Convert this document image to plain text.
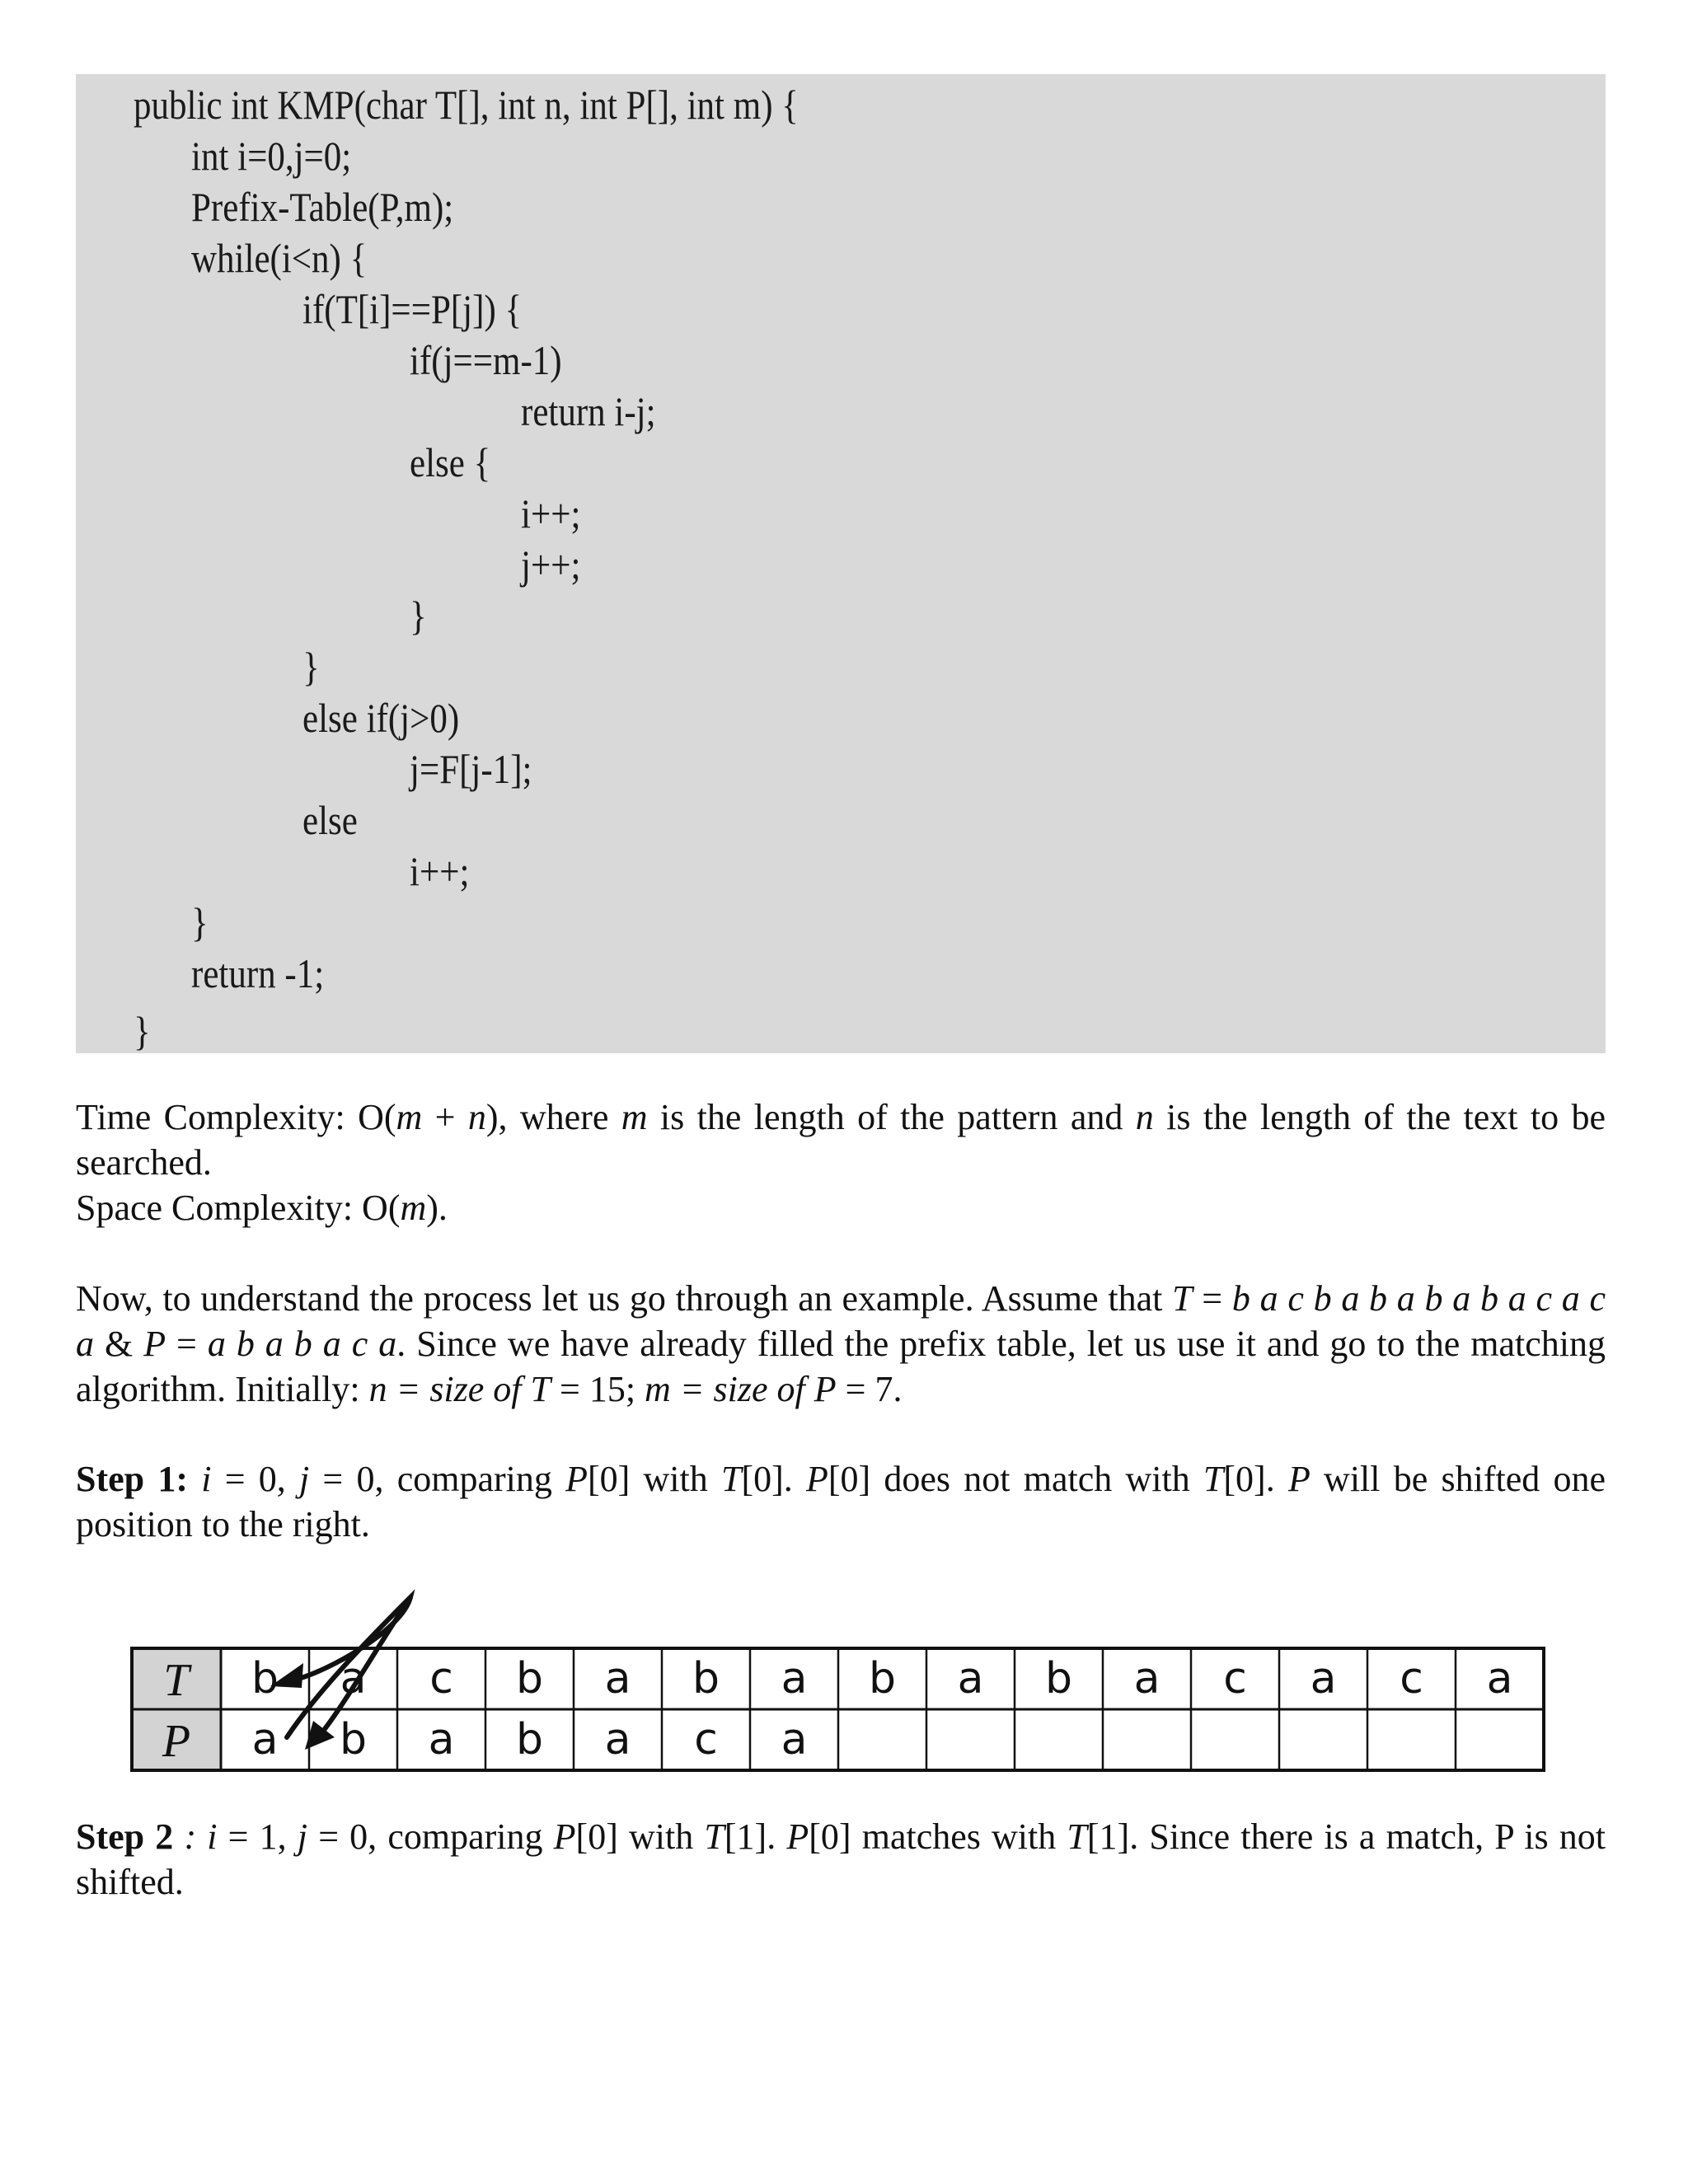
public int KMP(char T[], int n, int P[], int m) {
int i=0,j=0;
Prefix-Table(P,m);
while(i<n) {
if(T[i]==P[j]) {
if(j==m-1)
return i-j;
else {
i++;
j++;
}
}
else if(j>0)
j=F[j-1];
else
i++;
}
return -1;
}
Time Complexity: O(m + n), where m is the length of the pattern and n is the length of the text to be searched.
Space Complexity: O(m).
Now, to understand the process let us go through an example. Assume that T = b a c b a b a b a b a c a c a & P = a b a b a c a. Since we have already filled the prefix table, let us use it and go to the matching algorithm. Initially: n = size of T = 15; m = size of P = 7.
Step 1: i = 0, j = 0, comparing P[0] with T[0]. P[0] does not match with T[0]. P will be shifted one position to the right.
T
P
b a c b a b a b a b a c a c a
a b a b a c a
Step 2 : i = 1, j = 0, comparing P[0] with T[1]. P[0] matches with T[1]. Since there is a match, P is not shifted.
